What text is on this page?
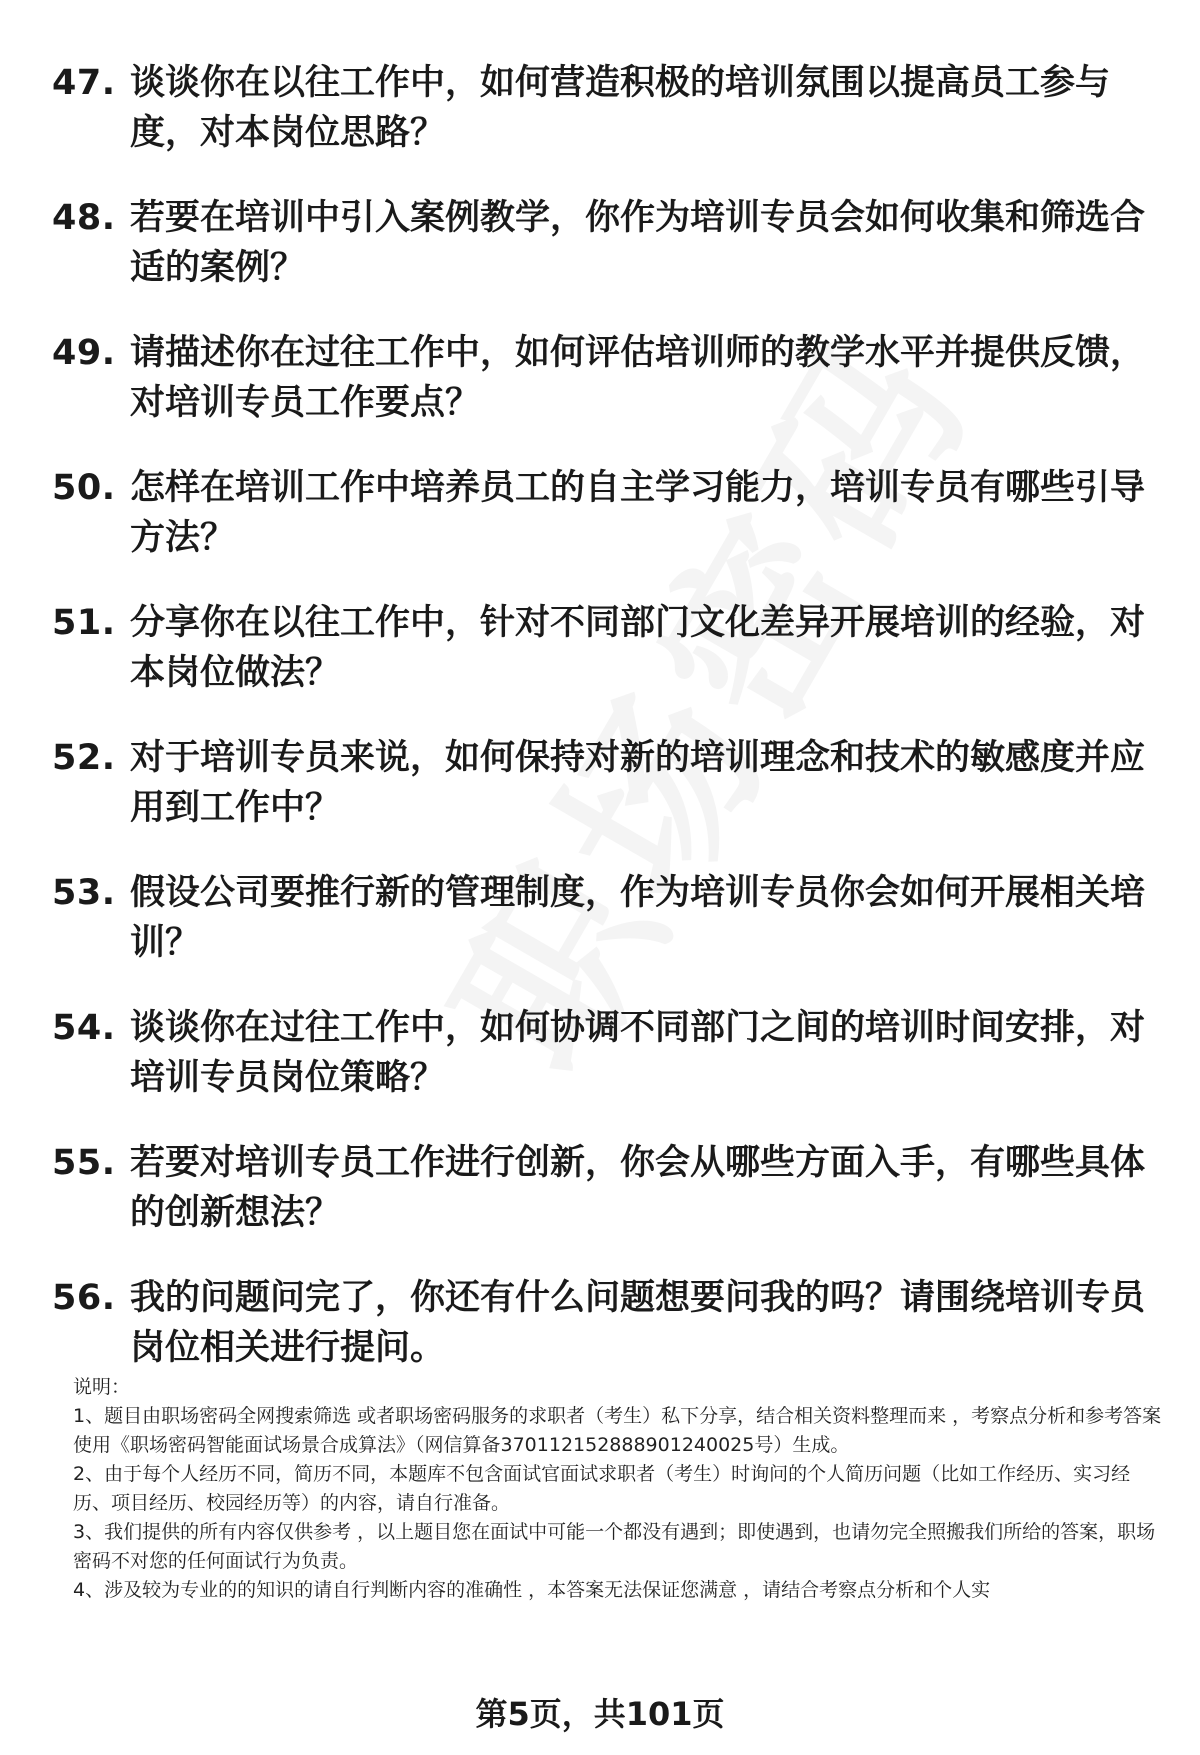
47. 谈谈你在以往工作中，如何营造积极的培训氛围以提高员工参与度，对本岗位思路？
48. 若要在培训中引入案例教学，你作为培训专员会如何收集和筛选合适的案例？
49. 请描述你在过往工作中，如何评估培训师的教学水平并提供反馈，对培训专员工作要点？
50. 怎样在培训工作中培养员工的自主学习能力，培训专员有哪些引导方法？
51. 分享你在以往工作中，针对不同部门文化差异开展培训的经验，对本岗位做法？
52. 对于培训专员来说，如何保持对新的培训理念和技术的敏感度并应用到工作中？
53. 假设公司要推行新的管理制度，作为培训专员你会如何开展相关培训？
54. 谈谈你在过往工作中，如何协调不同部门之间的培训时间安排，对培训专员岗位策略？
55. 若要对培训专员工作进行创新，你会从哪些方面入手，有哪些具体的创新想法？
56. 我的问题问完了，你还有什么问题想要问我的吗？请围绕培训专员岗位相关进行提问。

说明：

1、题目由职场密码全网搜索筛选 或者职场密码服务的求职者（考生）私下分享，结合相关资料整理而来 ，考察点分析和参考答案使用《职场密码智能面试场景合成算法》（网信算备370112152888901240025号）生成。

2、由于每个人经历不同，简历不同，本题库不包含面试官面试求职者（考生）时询问的个人简历问题（比如工作经历、实习经历、项目经历、校园经历等）的内容，请自行准备。

3、我们提供的所有内容仅供参考 ，以上题目您在面试中可能一个都没有遇到；即使遇到，也请勿完全照搬我们所给的答案，职场密码不对您的任何面试行为负责。

4、涉及较为专业的的知识的请自行判断内容的准确性 ，本答案无法保证您满意 ，请结合考察点分析和个人实

第5页，共101页
